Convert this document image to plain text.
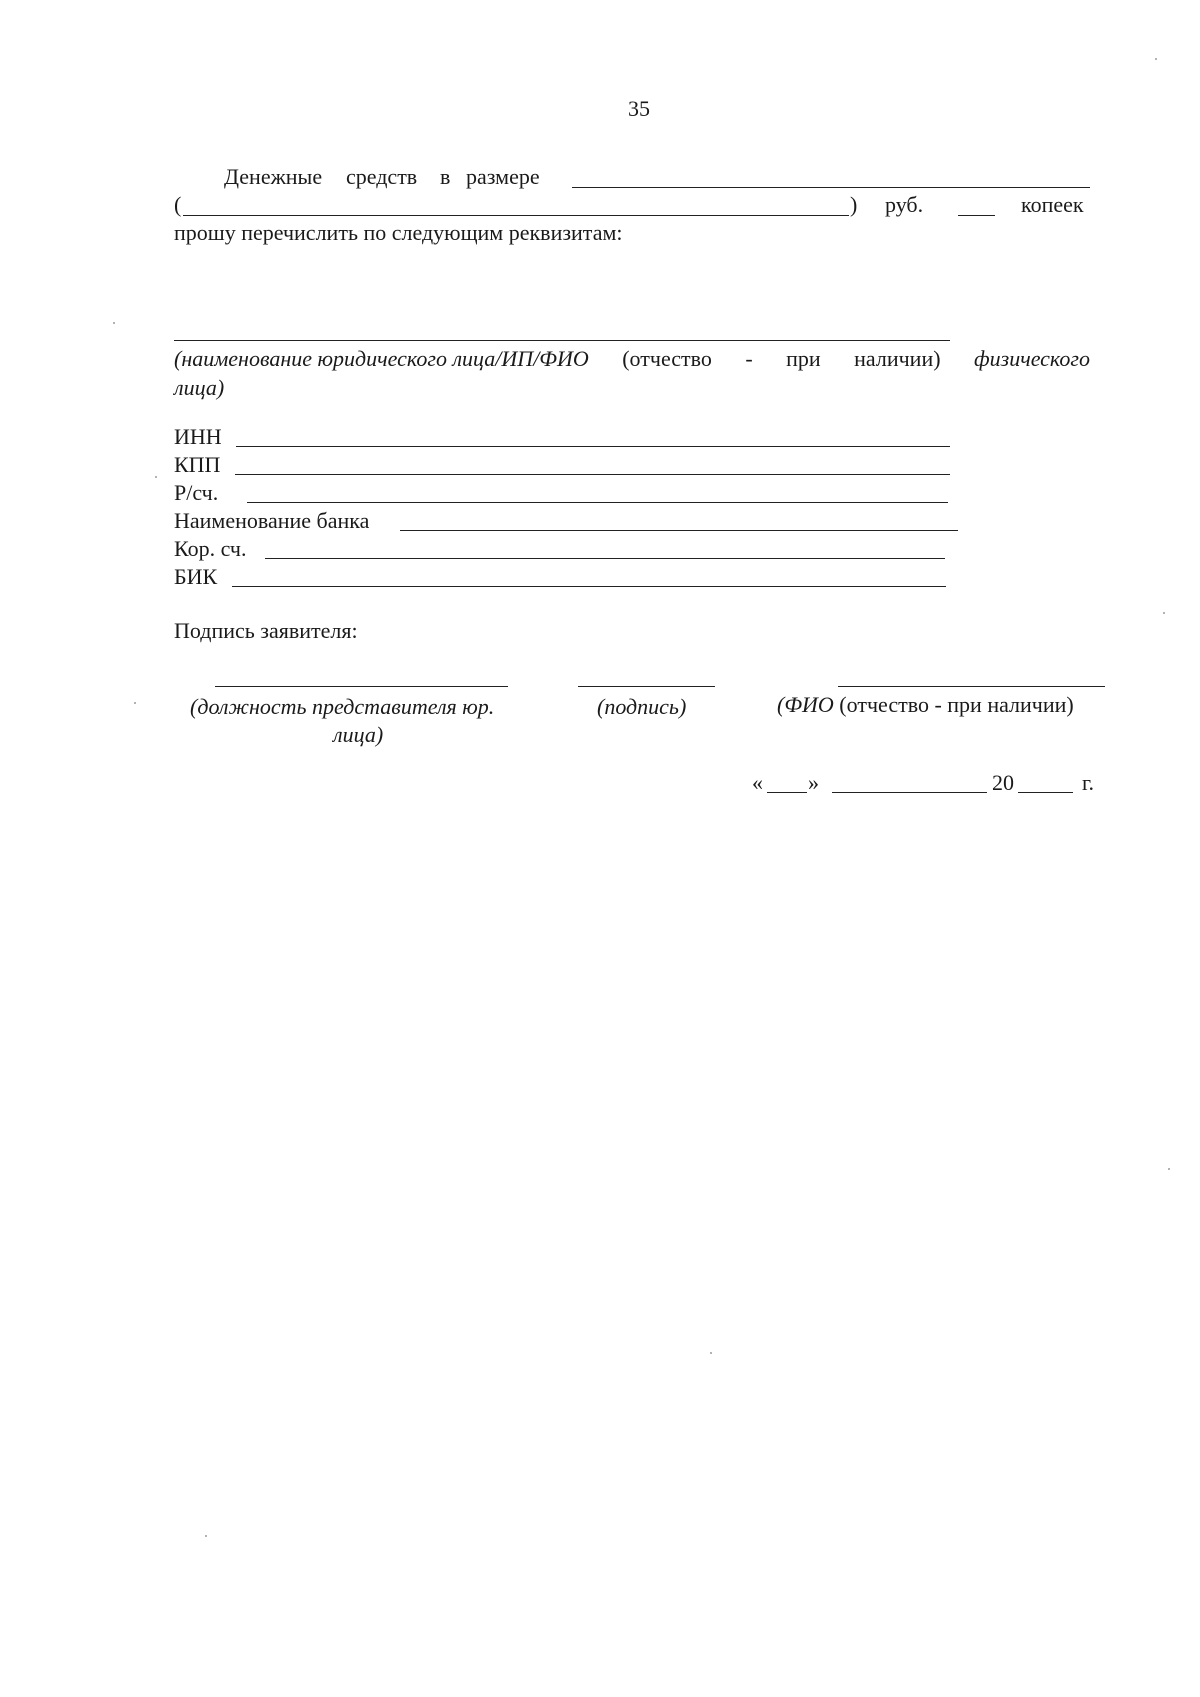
35
Денежные средств в размере
(	) руб.	копеек
прошу перечислить по следующим реквизитам:
(наименование юридического лица/ИП/ФИО (отчество - при наличии) физического
лица)
ИНН
КПП
Р/сч.
Наименование банка
Кор. сч.
БИК
Подпись заявителя:
(должность представителя юр.
лица)
(подпись)	(ФИО (отчество - при наличии)
« »	20	г.
